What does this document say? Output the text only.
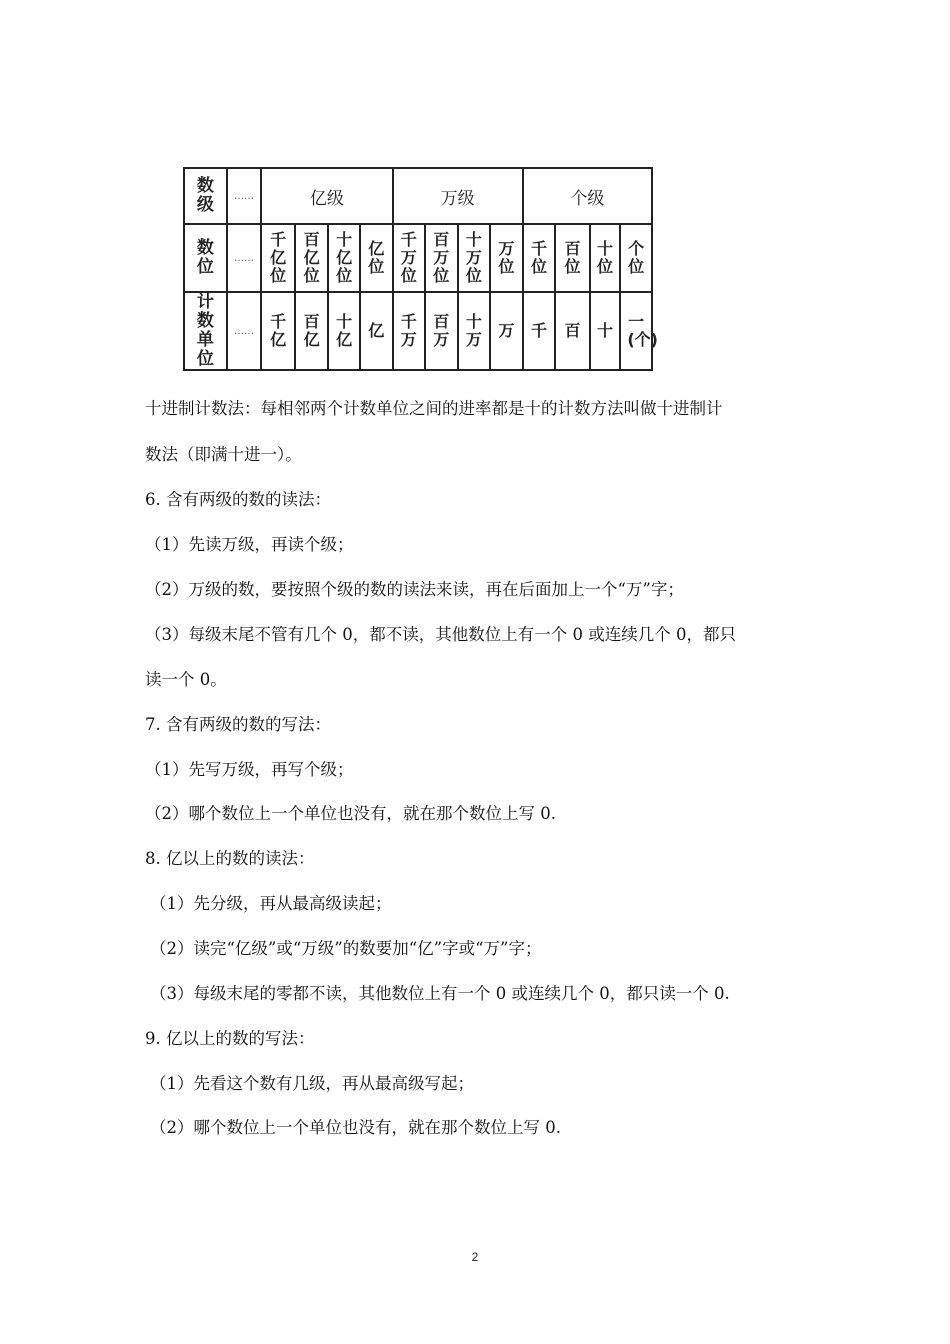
数级	……	亿级				万级				个级			
数位	……	千亿位	百亿位	十亿位	亿位	千万位	百万位	十万位	万位	千位	百位	十位	个位
计数单位	……	千亿	百亿	十亿	亿	千万	百万	十万	万	千	百	十	一(个)

十进制计数法：每相邻两个计数单位之间的进率都是十的计数方法叫做十进制计

数法（即满十进一）。

6. 含有两级的数的读法：

（1）先读万级，再读个级；

（2）万级的数，要按照个级的数的读法来读，再在后面加上一个“万”字；

（3）每级末尾不管有几个 0，都不读，其他数位上有一个 0 或连续几个 0，都只

读一个 0。

7. 含有两级的数的写法：

（1）先写万级，再写个级；

（2）哪个数位上一个单位也没有，就在那个数位上写 0.

8. 亿以上的数的读法：

（1）先分级，再从最高级读起；

（2）读完“亿级”或“万级”的数要加“亿”字或“万”字；

（3）每级末尾的零都不读，其他数位上有一个 0 或连续几个 0，都只读一个 0.

9. 亿以上的数的写法：

（1）先看这个数有几级，再从最高级写起；

（2）哪个数位上一个单位也没有，就在那个数位上写 0.

2
